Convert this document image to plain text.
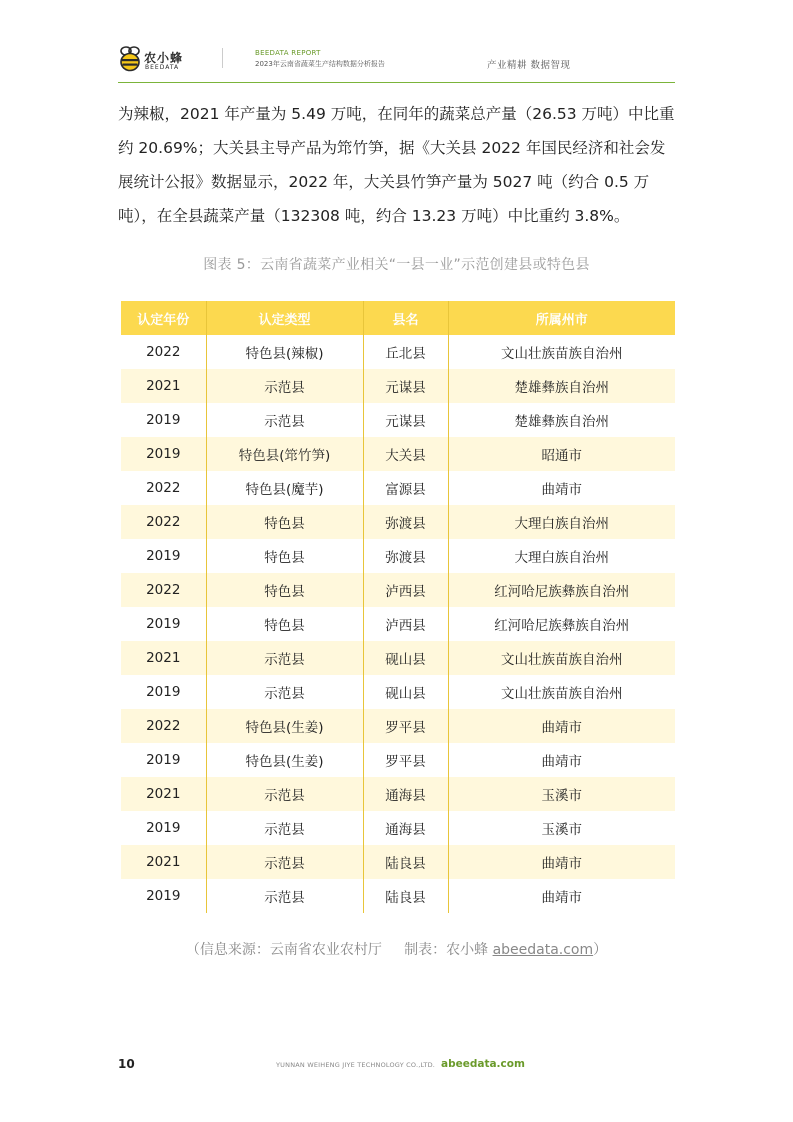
农小蜂
BEEDATA
BEEDATA REPORT
2023年云南省蔬菜生产结构数据分析报告	产业精耕 数据智现

为辣椒，2021 年产量为 5.49 万吨，在同年的蔬菜总产量（26.53 万吨）中比重约 20.69%；大关县主导产品为筇竹笋，据《大关县 2022 年国民经济和社会发展统计公报》数据显示，2022 年，大关县竹笋产量为 5027 吨（约合 0.5 万吨），在全县蔬菜产量（132308 吨，约合 13.23 万吨）中比重约 3.8%。

图表 5：云南省蔬菜产业相关“一县一业”示范创建县或特色县

认定年份	认定类型	县名	所属州市
2022	特色县(辣椒)	丘北县	文山壮族苗族自治州
2021	示范县	元谋县	楚雄彝族自治州
2019	示范县	元谋县	楚雄彝族自治州
2019	特色县(筇竹笋)	大关县	昭通市
2022	特色县(魔芋)	富源县	曲靖市
2022	特色县	弥渡县	大理白族自治州
2019	特色县	弥渡县	大理白族自治州
2022	特色县	泸西县	红河哈尼族彝族自治州
2019	特色县	泸西县	红河哈尼族彝族自治州
2021	示范县	砚山县	文山壮族苗族自治州
2019	示范县	砚山县	文山壮族苗族自治州
2022	特色县(生姜)	罗平县	曲靖市
2019	特色县(生姜)	罗平县	曲靖市
2021	示范县	通海县	玉溪市
2019	示范县	通海县	玉溪市
2021	示范县	陆良县	曲靖市
2019	示范县	陆良县	曲靖市

（信息来源：云南省农业农村厅 制表：农小蜂 abeedata.com）

10	YUNNAN WEIHENG JIYE TECHNOLOGY CO.,LTD. abeedata.com
